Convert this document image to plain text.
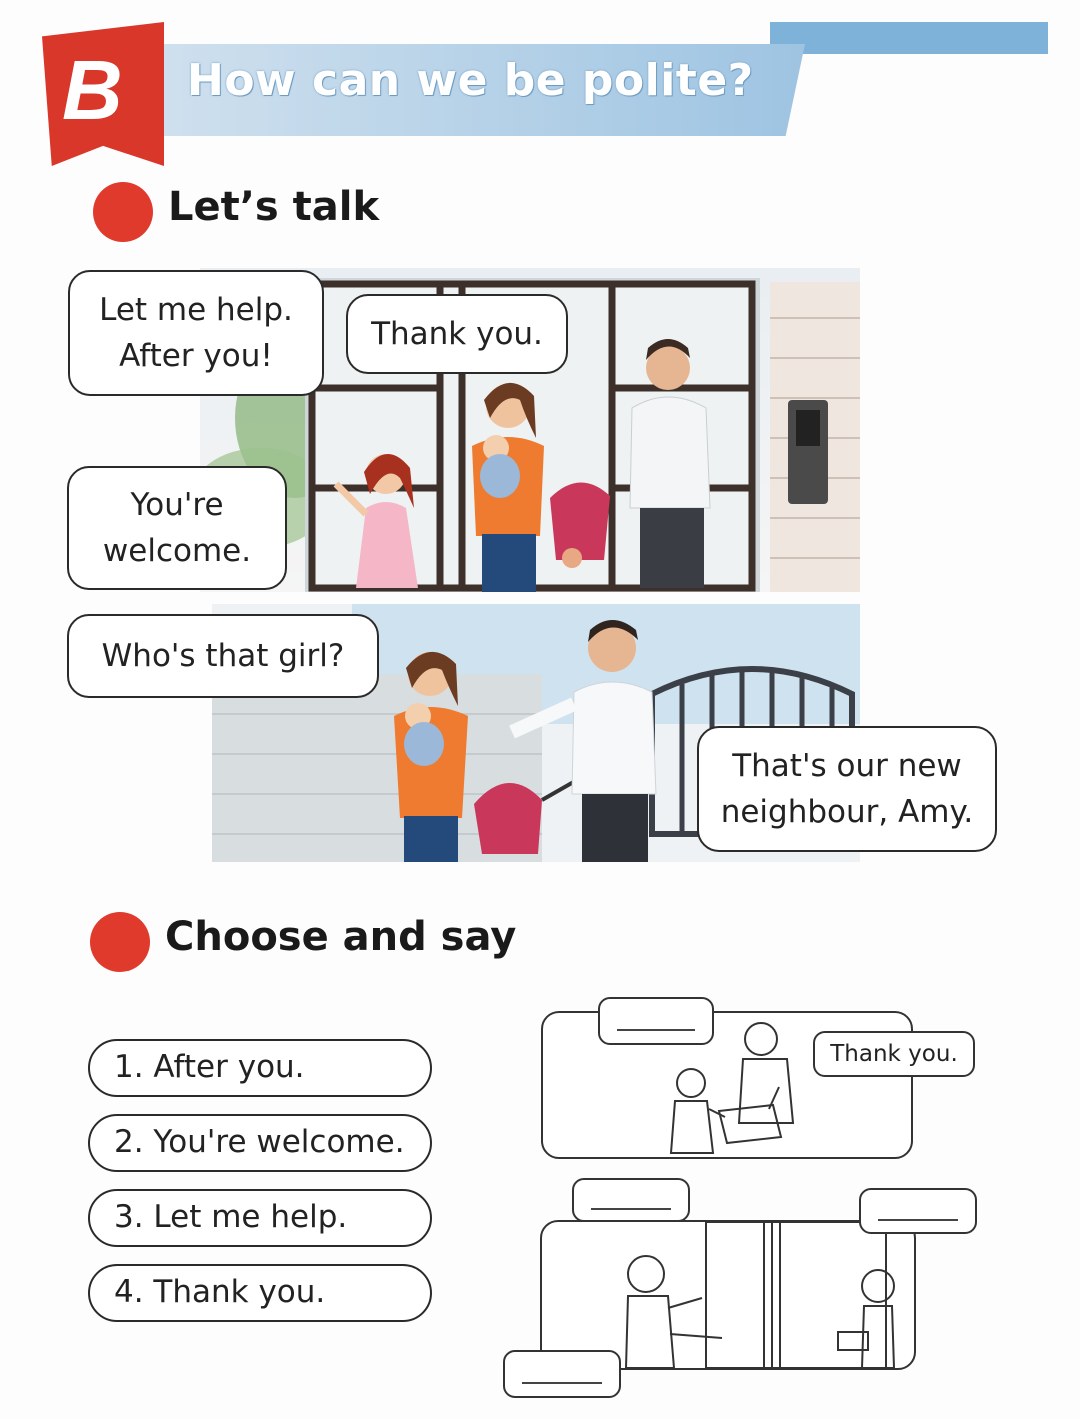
How can we be polite?
B
Let’s talk
Let me help.
After you!
Thank you.
You're
welcome.
Who's that girl?
That's our new
neighbour, Amy.
Choose and say
1. After you.
2. You're welcome.
3. Let me help.
4. Thank you.
Thank you.
